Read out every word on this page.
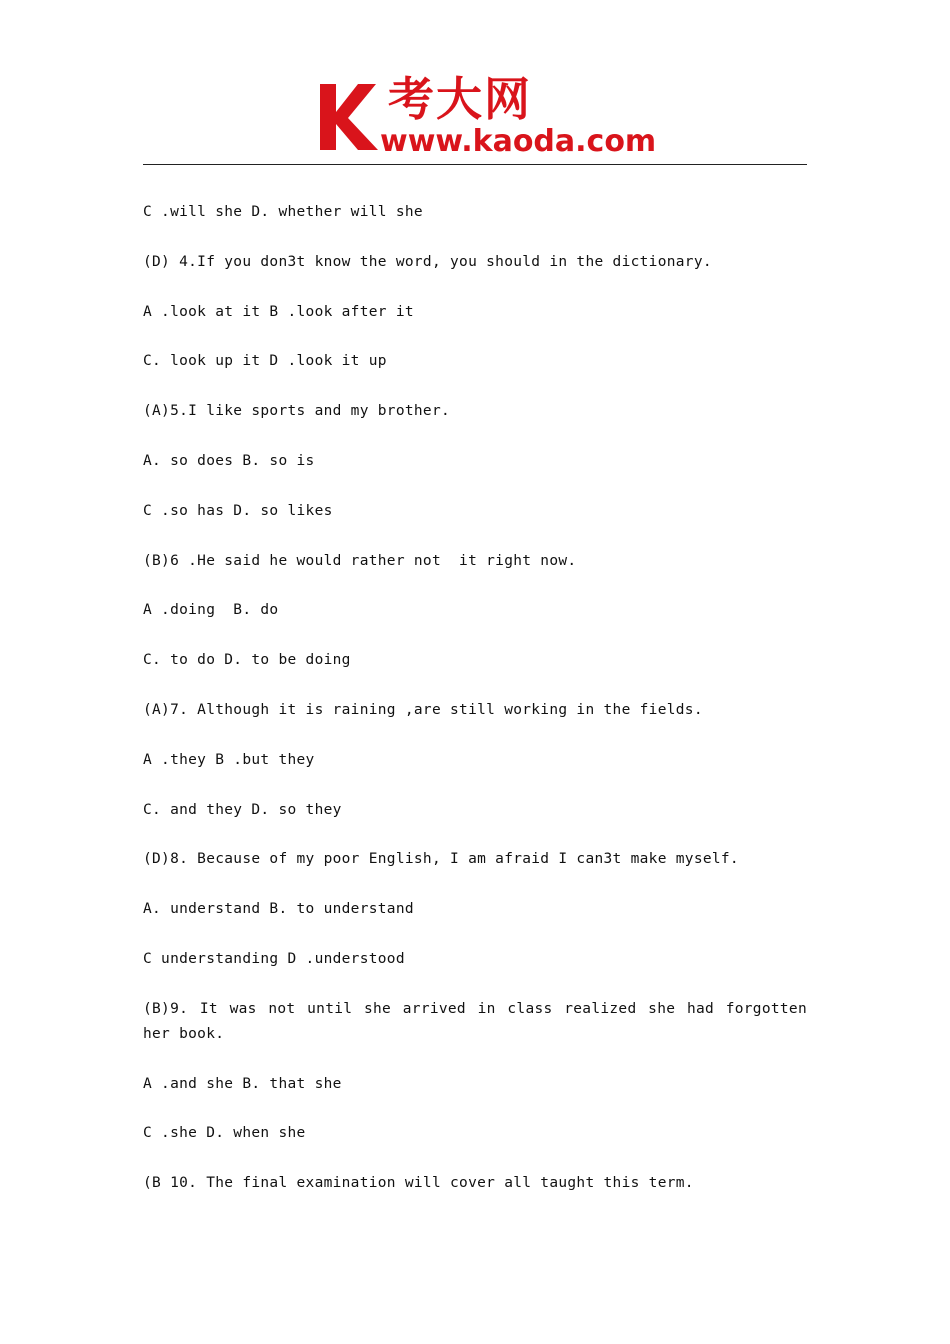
考大网
www.kaoda.com
C .will she D. whether will she
(D) 4.If you don3t know the word, you should in the dictionary.
A .look at it B .look after it
C. look up it D .look it up
(A)5.I like sports and my brother.
A. so does B. so is
C .so has D. so likes
(B)6 .He said he would rather not  it right now.
A .doing  B. do
C. to do D. to be doing
(A)7. Although it is raining ,are still working in the fields.
A .they B .but they
C. and they D. so they
(D)8. Because of my poor English, I am afraid I can3t make myself.
A. understand B. to understand
C understanding D .understood
(B)9. It was not until she arrived in class realized she had forgotten her book.
A .and she B. that she
C .she D. when she
(B 10. The final examination will cover all taught this term.
